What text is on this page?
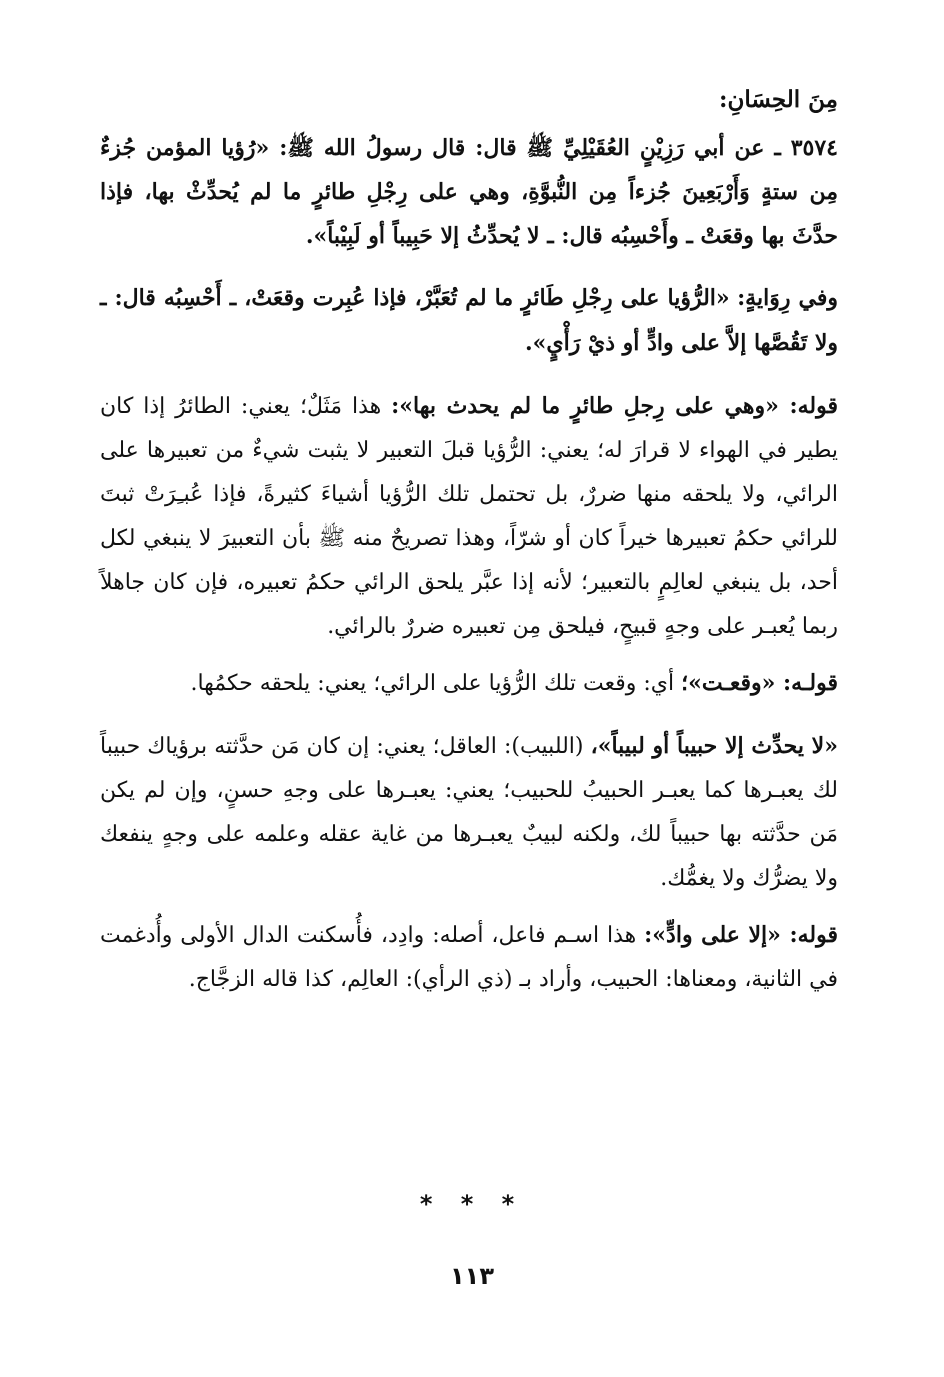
مِنَ الحِسَانِ:

٣٥٧٤ ـ عن أبي رَزِيْنٍ العُقَيْلِيِّ ﷺ قال: قال رسولُ الله ﷺ: «رُؤيا المؤمن جُزءٌ مِن ستةٍ وَأَرْبَعِينَ جُزءاً مِن النُّبوَّةِ، وهي على رِجْلِ طائرٍ ما لم يُحدِّثْ بها، فإذا حدَّثَ بها وقعَتْ ـ وأَحْسِبُه قال: ـ لا يُحدِّثُ إلا حَبِيباً أو لَبِيْباً».

وفي رِوَايةٍ: «الرُّؤيا على رِجْلِ طَائرٍ ما لم تُعَبَّرْ، فإذا عُبِرت وقعَتْ، ـ أَحْسِبُه قال: ـ ولا تَقُصَّها إلاَّ على وادٍّ أو ذيْ رَأْيٍ».

قوله: «وهي على رِجلِ طائرٍ ما لم يحدث بها»: هذا مَثَلٌ؛ يعني: الطائرُ إذا كان يطير في الهواء لا قرارَ له؛ يعني: الرُّؤيا قبلَ التعبير لا يثبت شيءٌ من تعبيرها على الرائي، ولا يلحقه منها ضررٌ، بل تحتمل تلك الرُّؤيا أشياءَ كثيرةً، فإذا عُبـِرَتْ ثبتَ للرائي حكمُ تعبيرها خيراً كان أو شرّاً، وهذا تصريحٌ منه ﷺ بأن التعبيرَ لا ينبغي لكل أحد، بل ينبغي لعالِمٍ بالتعبير؛ لأنه إذا عبَّر يلحق الرائي حكمُ تعبيره، فإن كان جاهلاً ربما يُعبـر على وجهٍ قبيحٍ، فيلحق مِن تعبيره ضررٌ بالرائي.

قولـه: «وقعـت»؛ أي: وقعت تلك الرُّؤيا على الرائي؛ يعني: يلحقه حكمُها.

«لا يحدِّث إلا حبيباً أو لبيباً»، (اللبيب): العاقل؛ يعني: إن كان مَن حدَّثته برؤياك حبيباً لك يعبـرها كما يعبـر الحبيبُ للحبيب؛ يعني: يعبـرها على وجهِ حسنٍ، وإن لم يكن مَن حدَّثته بها حبيباً لك، ولكنه لبيبٌ يعبـرها من غاية عقله وعلمه على وجهٍ ينفعك ولا يضرُّك ولا يغمُّك.

قوله: «إلا على وادٍّ»: هذا اسـم فاعل، أصله: وادِد، فأُسكنت الدال الأولى وأُدغمت في الثانية، ومعناها: الحبيب، وأراد بـ (ذي الرأي): العالِم، كذا قاله الزجَّاج.

* * *
١١٣
